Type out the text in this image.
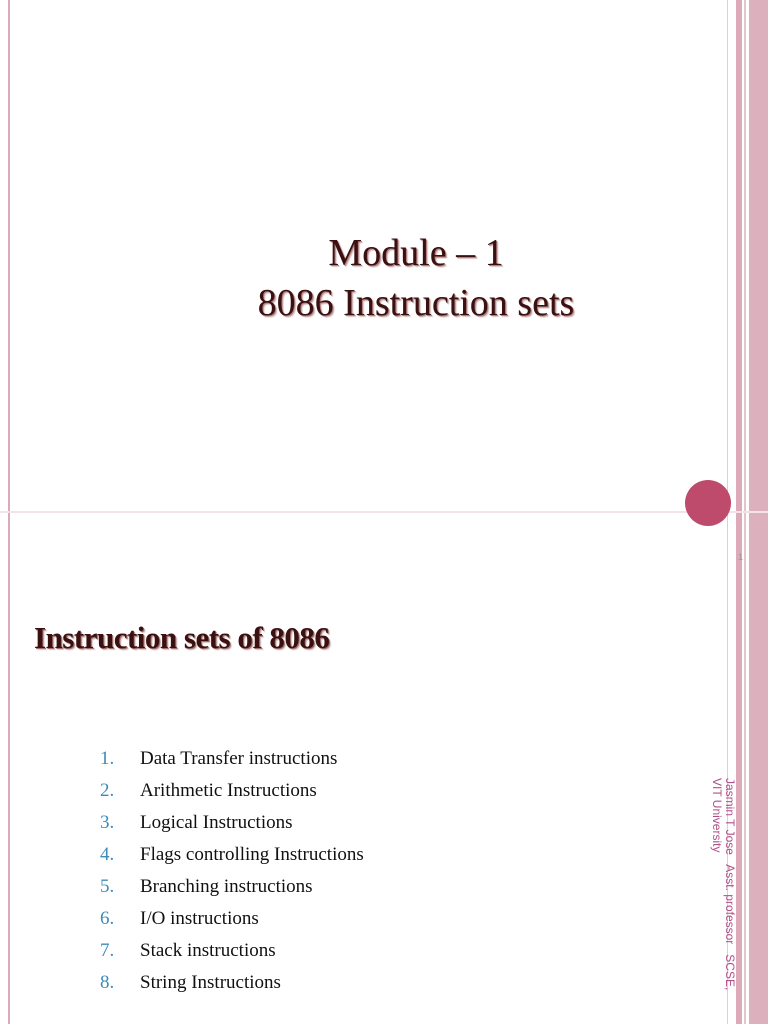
Module – 1
8086 Instruction sets
1
Instruction sets of 8086
1.	Data Transfer instructions
2.	Arithmetic Instructions
3.	Logical Instructions
4.	Flags controlling Instructions
5.	Branching instructions
6.	I/O instructions
7.	Stack instructions
8.	String Instructions	Jasmin T Jose   Asst. professor   SCSE,
VIT University
